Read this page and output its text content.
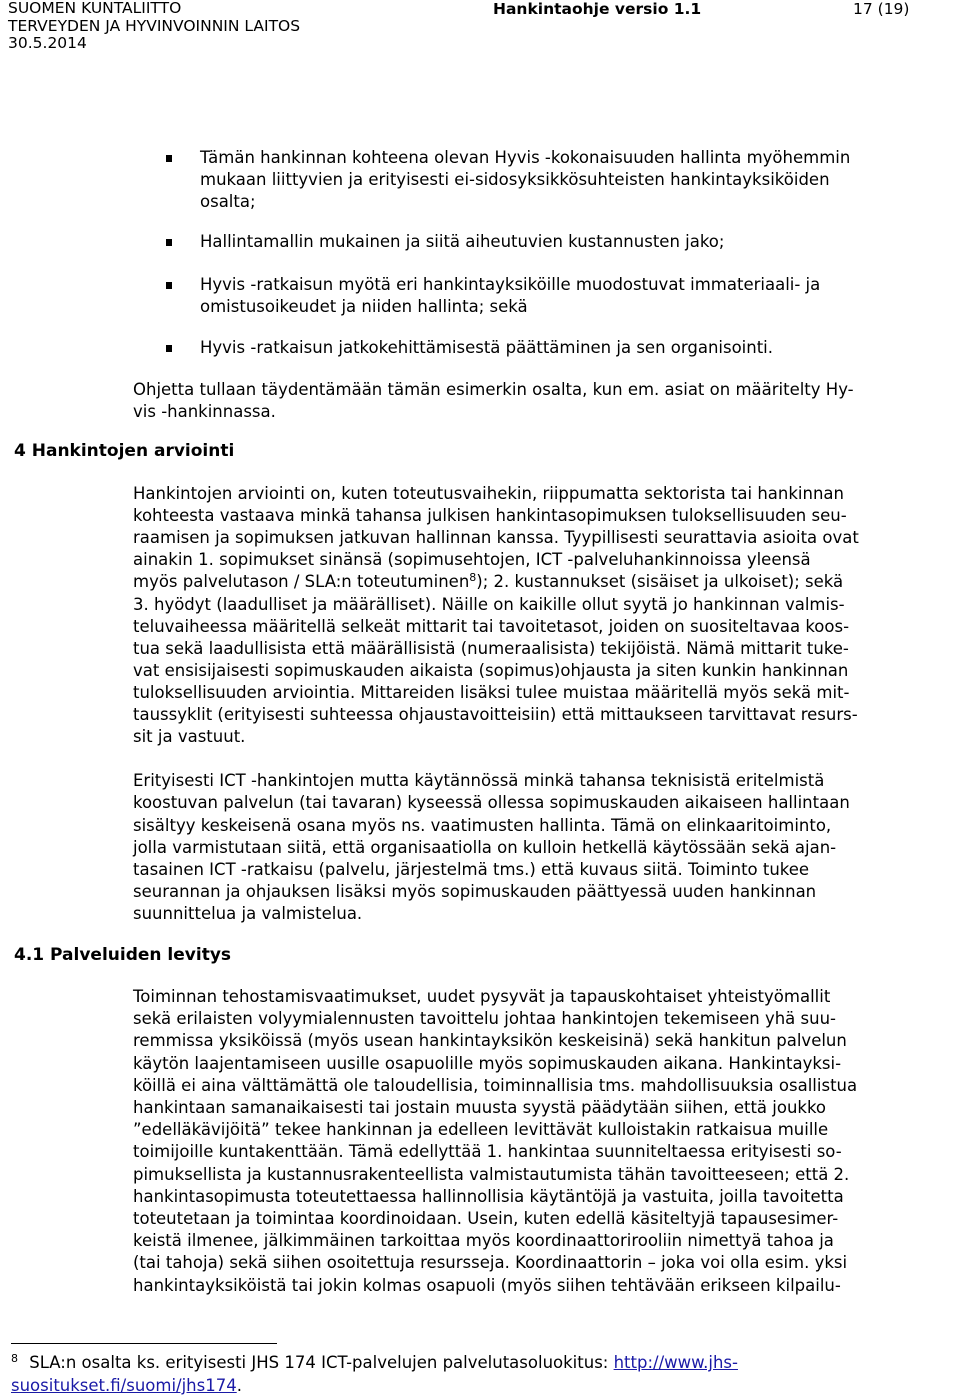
SUOMEN KUNTALIITTO
TERVEYDEN JA HYVINVOINNIN LAITOS
30.5.2014
Hankintaohje versio 1.1	17 (19)
Tämän hankinnan kohteena olevan Hyvis -kokonaisuuden hallinta myöhemmin
mukaan liittyvien ja erityisesti ei-sidosyksikkösuhteisten hankintayksiköiden
osalta;
Hallintamallin mukainen ja siitä aiheutuvien kustannusten jako;
Hyvis -ratkaisun myötä eri hankintayksiköille muodostuvat immateriaali- ja
omistusoikeudet ja niiden hallinta; sekä
Hyvis -ratkaisun jatkokehittämisestä päättäminen ja sen organisointi.
Ohjetta tullaan täydentämään tämän esimerkin osalta, kun em. asiat on määritelty Hy-
vis -hankinnassa.
4 Hankintojen arviointi
Hankintojen arviointi on, kuten toteutusvaihekin, riippumatta sektorista tai hankinnan
kohteesta vastaava minkä tahansa julkisen hankintasopimuksen tuloksellisuuden seu-
raamisen ja sopimuksen jatkuvan hallinnan kanssa. Tyypillisesti seurattavia asioita ovat
ainakin 1. sopimukset sinänsä (sopimusehtojen, ICT -palveluhankinnoissa yleensä
myös palvelutason / SLA:n toteutuminen$^8$); 2. kustannukset (sisäiset ja ulkoiset); sekä
3. hyödyt (laadulliset ja määrälliset). Näille on kaikille ollut syytä jo hankinnan valmis-
teluvaiheessa määritellä selkeät mittarit tai tavoitetasot, joiden on suositeltavaa koos-
tua sekä laadullisista että määrällisistä (numeraalisista) tekijöistä. Nämä mittarit tuke-
vat ensisijaisesti sopimuskauden aikaista (sopimus)ohjausta ja siten kunkin hankinnan
tuloksellisuuden arviointia. Mittareiden lisäksi tulee muistaa määritellä myös sekä mit-
taussyklit (erityisesti suhteessa ohjaustavoitteisiin) että mittaukseen tarvittavat resurs-
sit ja vastuut.
Erityisesti ICT -hankintojen mutta käytännössä minkä tahansa teknisistä eritelmistä
koostuvan palvelun (tai tavaran) kyseessä ollessa sopimuskauden aikaiseen hallintaan
sisältyy keskeisenä osana myös ns. vaatimusten hallinta. Tämä on elinkaaritoiminto,
jolla varmistutaan siitä, että organisaatiolla on kulloin hetkellä käytössään sekä ajan-
tasainen ICT -ratkaisu (palvelu, järjestelmä tms.) että kuvaus siitä. Toiminto tukee
seurannan ja ohjauksen lisäksi myös sopimuskauden päättyessä uuden hankinnan
suunnittelua ja valmistelua.
4.1 Palveluiden levitys
Toiminnan tehostamisvaatimukset, uudet pysyvät ja tapauskohtaiset yhteistyömallit
sekä erilaisten volyymialennusten tavoittelu johtaa hankintojen tekemiseen yhä suu-
remmissa yksiköissä (myös usean hankintayksikön keskeisinä) sekä hankitun palvelun
käytön laajentamiseen uusille osapuolille myös sopimuskauden aikana. Hankintayksi-
köillä ei aina välttämättä ole taloudellisia, toiminnallisia tms. mahdollisuuksia osallistua
hankintaan samanaikaisesti tai jostain muusta syystä päädytään siihen, että joukko
”edelläkävijöitä” tekee hankinnan ja edelleen levittävät kulloistakin ratkaisua muille
toimijoille kuntakenttään. Tämä edellyttää 1. hankintaa suunniteltaessa erityisesti so-
pimuksellista ja kustannusrakenteellista valmistautumista tähän tavoitteeseen; että 2.
hankintasopimusta toteutettaessa hallinnollisia käytäntöjä ja vastuita, joilla tavoitetta
toteutetaan ja toimintaa koordinoidaan. Usein, kuten edellä käsiteltyjä tapausesimer-
keistä ilmenee, jälkimmäinen tarkoittaa myös koordinaattorirooliin nimettyä tahoa ja
(tai tahoja) sekä siihen osoitettuja resursseja. Koordinaattorin – joka voi olla esim. yksi
hankintayksiköistä tai jokin kolmas osapuoli (myös siihen tehtävään erikseen kilpailu-
$^8$ SLA:n osalta ks. erityisesti JHS 174 ICT-palvelujen palvelutasoluokitus: http://www.jhs-
suositukset.fi/suomi/jhs174.
